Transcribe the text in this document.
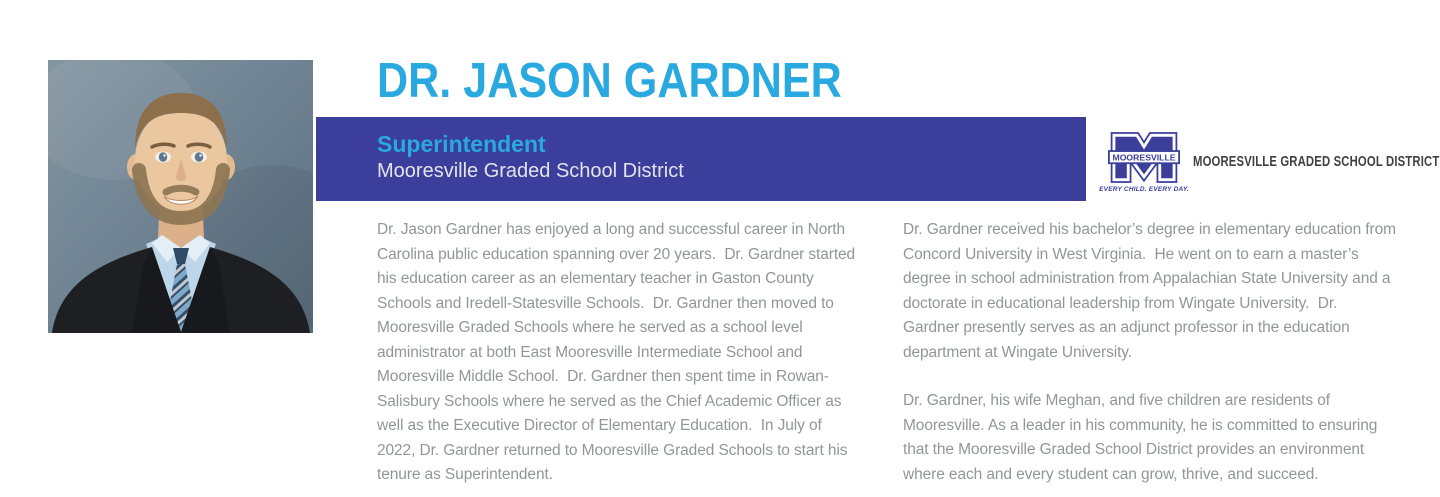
DR. JASON GARDNER
Superintendent
Mooresville Graded School District
MOORESVILLE
EVERY CHILD. EVERY DAY.
MOORESVILLE GRADED SCHOOL DISTRICT

Dr. Jason Gardner has enjoyed a long and successful career in North Carolina public education spanning over 20 years.  Dr. Gardner started his education career as an elementary teacher in Gaston County Schools and Iredell-Statesville Schools.  Dr. Gardner then moved to Mooresville Graded Schools where he served as a school level administrator at both East Mooresville Intermediate School and Mooresville Middle School.  Dr. Gardner then spent time in Rowan-Salisbury Schools where he served as the Chief Academic Officer as well as the Executive Director of Elementary Education.  In July of 2022, Dr. Gardner returned to Mooresville Graded Schools to start his tenure as Superintendent.

Dr. Gardner received his bachelor’s degree in elementary education from Concord University in West Virginia.  He went on to earn a master’s degree in school administration from Appalachian State University and a doctorate in educational leadership from Wingate University.  Dr. Gardner presently serves as an adjunct professor in the education department at Wingate University.

Dr. Gardner, his wife Meghan, and five children are residents of Mooresville. As a leader in his community, he is committed to ensuring that the Mooresville Graded School District provides an environment where each and every student can grow, thrive, and succeed.
